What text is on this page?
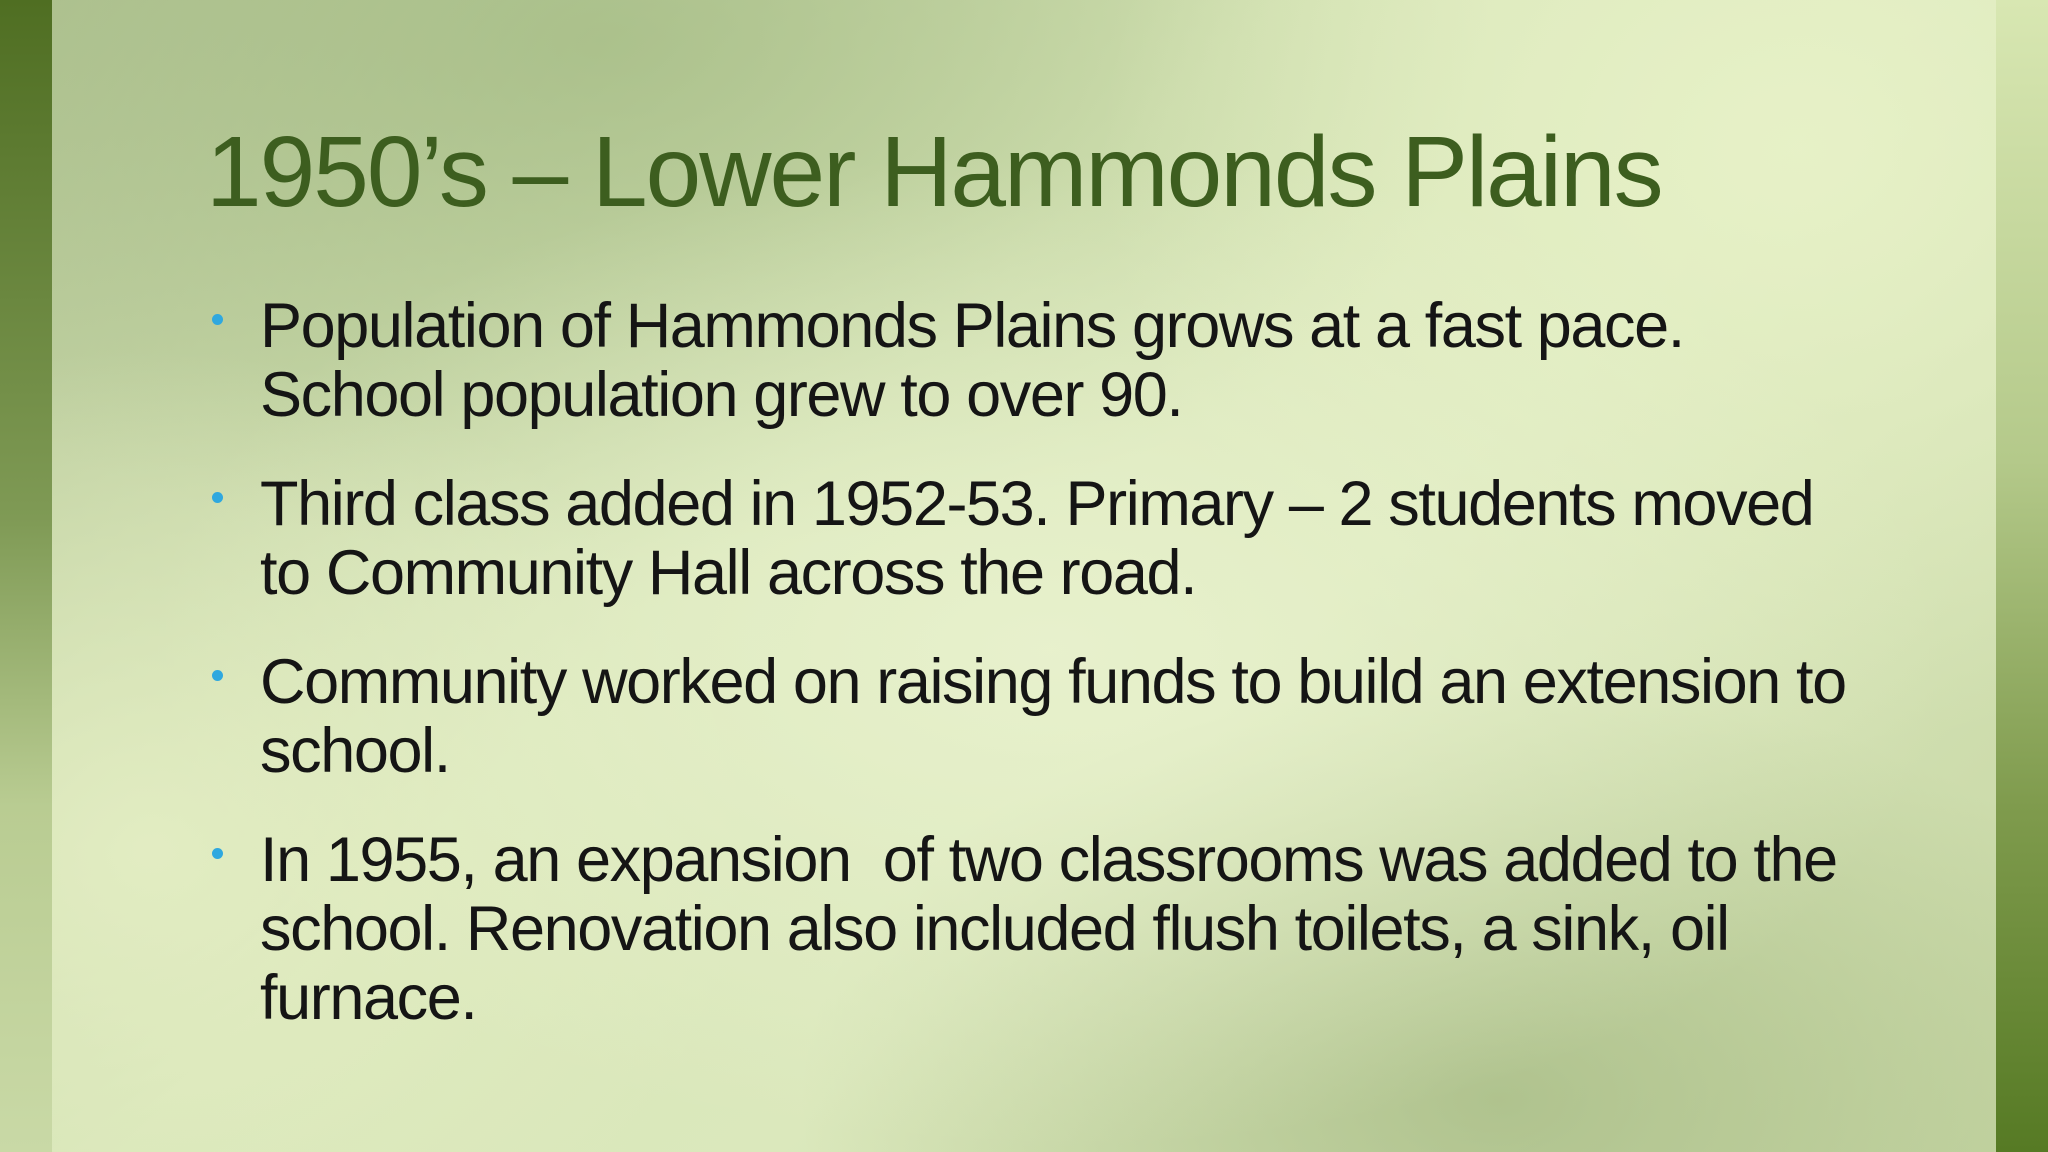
1950’s – Lower Hammonds Plains
Population of Hammonds Plains grows at a fast pace. School population grew to over 90.
Third class added in 1952-53. Primary – 2 students moved to Community Hall across the road.
Community worked on raising funds to build an extension to school.
In 1955, an expansion  of two classrooms was added to the school. Renovation also included flush toilets, a sink, oil furnace.
